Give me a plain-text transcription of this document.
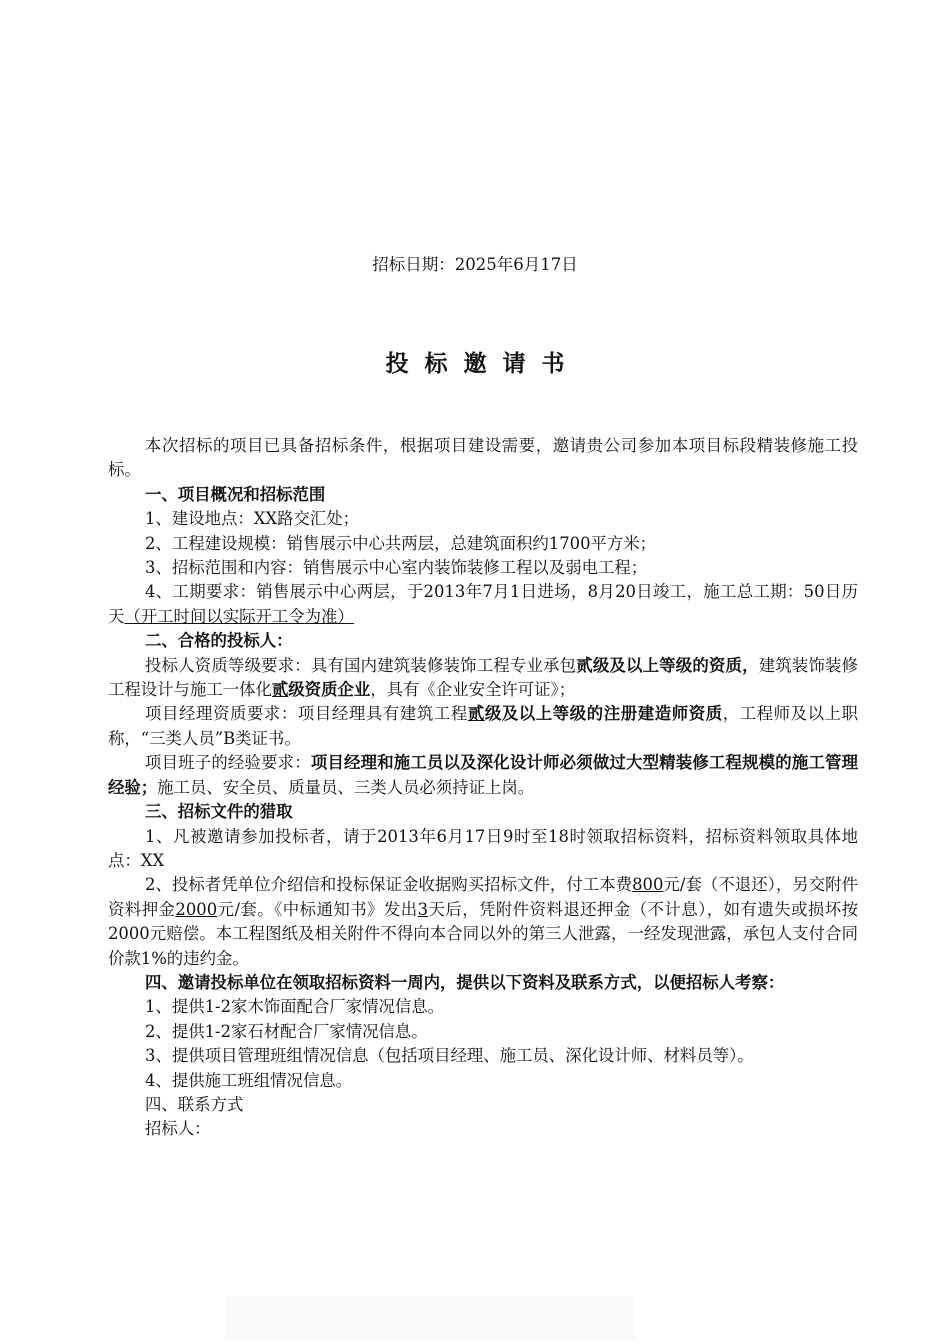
招标日期：2025年6月17日
投标邀请书

本次招标的项目已具备招标条件，根据项目建设需要，邀请贵公司参加本项目标段精装修施工投标。

一、项目概况和招标范围

1、建设地点：XX路交汇处；

2、工程建设规模：销售展示中心共两层，总建筑面积约1700平方米；

3、招标范围和内容：销售展示中心室内装饰装修工程以及弱电工程；

4、工期要求：销售展示中心两层，于2013年7月1日进场，8月20日竣工，施工总工期：50日历天（开工时间以实际开工令为准）

二、合格的投标人：

投标人资质等级要求：具有国内建筑装修装饰工程专业承包贰级及以上等级的资质，建筑装饰装修工程设计与施工一体化贰级资质企业，具有《企业安全许可证》；

项目经理资质要求：项目经理具有建筑工程贰级及以上等级的注册建造师资质，工程师及以上职称，“三类人员”B类证书。

项目班子的经验要求：项目经理和施工员以及深化设计师必须做过大型精装修工程规模的施工管理经验；施工员、安全员、质量员、三类人员必须持证上岗。

三、招标文件的猎取

1、凡被邀请参加投标者，请于2013年6月17日9时至18时领取招标资料，招标资料领取具体地点：XX

2、投标者凭单位介绍信和投标保证金收据购买招标文件，付工本费800元/套（不退还），另交附件资料押金2000元/套。《中标通知书》发出3天后，凭附件资料退还押金（不计息），如有遗失或损坏按2000元赔偿。本工程图纸及相关附件不得向本合同以外的第三人泄露，一经发现泄露，承包人支付合同价款1%的违约金。

四、邀请投标单位在领取招标资料一周内，提供以下资料及联系方式，以便招标人考察：

1、提供1-2家木饰面配合厂家情况信息。

2、提供1-2家石材配合厂家情况信息。

3、提供项目管理班组情况信息（包括项目经理、施工员、深化设计师、材料员等）。

4、提供施工班组情况信息。

四、联系方式

招标人：
